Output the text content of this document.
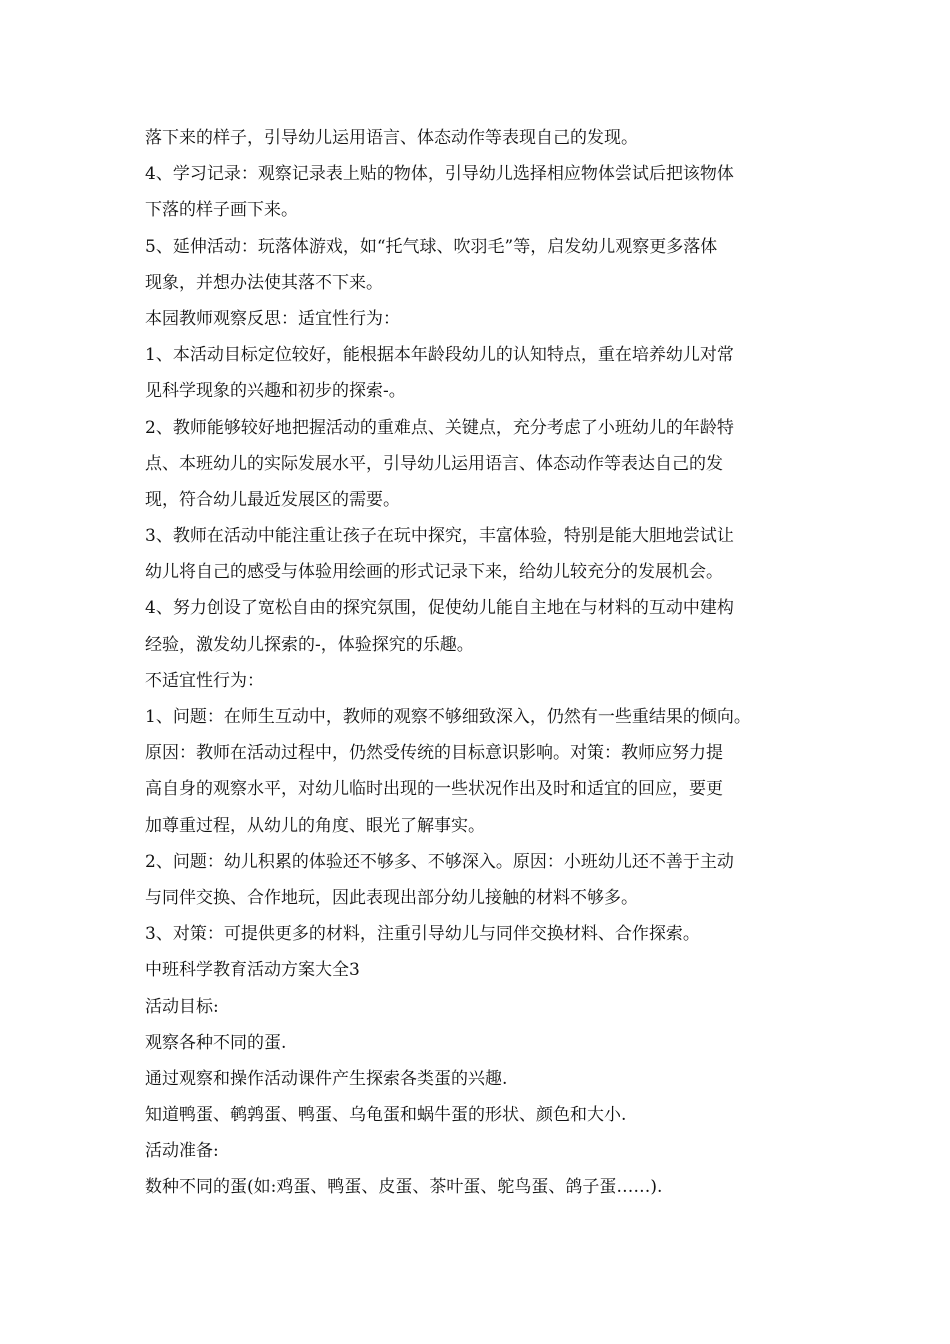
落下来的样子，引导幼儿运用语言、体态动作等表现自己的发现。
4、学习记录：观察记录表上贴的物体，引导幼儿选择相应物体尝试后把该物体
下落的样子画下来。
5、延伸活动：玩落体游戏，如“托气球、吹羽毛”等，启发幼儿观察更多落体
现象，并想办法使其落不下来。
本园教师观察反思：适宜性行为：
1、本活动目标定位较好，能根据本年龄段幼儿的认知特点，重在培养幼儿对常
见科学现象的兴趣和初步的探索-。
2、教师能够较好地把握活动的重难点、关键点，充分考虑了小班幼儿的年龄特
点、本班幼儿的实际发展水平，引导幼儿运用语言、体态动作等表达自己的发
现，符合幼儿最近发展区的需要。
3、教师在活动中能注重让孩子在玩中探究，丰富体验，特别是能大胆地尝试让
幼儿将自己的感受与体验用绘画的形式记录下来，给幼儿较充分的发展机会。
4、努力创设了宽松自由的探究氛围，促使幼儿能自主地在与材料的互动中建构
经验，激发幼儿探索的-，体验探究的乐趣。
不适宜性行为：
1、问题：在师生互动中，教师的观察不够细致深入，仍然有一些重结果的倾向。
原因：教师在活动过程中，仍然受传统的目标意识影响。对策：教师应努力提
高自身的观察水平，对幼儿临时出现的一些状况作出及时和适宜的回应，要更
加尊重过程，从幼儿的角度、眼光了解事实。
2、问题：幼儿积累的体验还不够多、不够深入。原因：小班幼儿还不善于主动
与同伴交换、合作地玩，因此表现出部分幼儿接触的材料不够多。
3、对策：可提供更多的材料，注重引导幼儿与同伴交换材料、合作探索。
中班科学教育活动方案大全3
活动目标:
观察各种不同的蛋.
通过观察和操作活动课件产生探索各类蛋的兴趣.
知道鸭蛋、鹌鹑蛋、鸭蛋、乌龟蛋和蜗牛蛋的形状、颜色和大小.
活动准备:
数种不同的蛋(如:鸡蛋、鸭蛋、皮蛋、茶叶蛋、鸵鸟蛋、鸽子蛋……).
